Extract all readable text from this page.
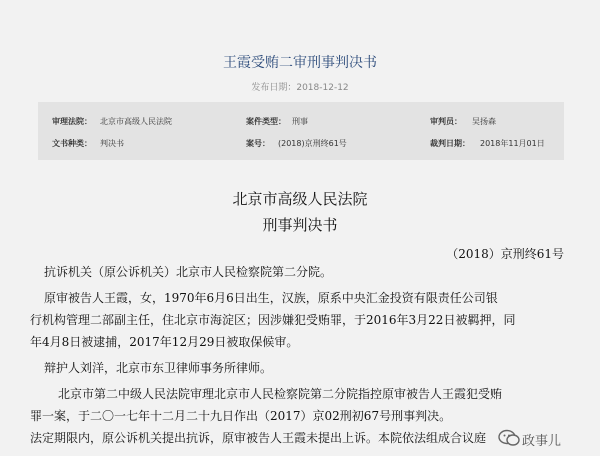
王霞受贿二审刑事判决书
发布日期：2018-12-12
审理法院： 北京市高级人民法院	案件类型： 刑事	审判员： 吴扬森
文书种类： 判决书	案号： (2018)京刑终61号	裁判日期： 2018年11月01日
北京市高级人民法院
刑事判决书
（2018）京刑终61号
抗诉机关（原公诉机关）北京市人民检察院第二分院。
原审被告人王霞，女，1970年6月6日出生，汉族，原系中央汇金投资有限责任公司银
行机构管理二部副主任，住北京市海淀区；因涉嫌犯受贿罪，于2016年3月22日被羁押，同
年4月8日被逮捕，2017年12月29日被取保候审。
辩护人刘洋，北京市东卫律师事务所律师。
北京市第二中级人民法院审理北京市人民检察院第二分院指控原审被告人王霞犯受贿
罪一案，于二〇一七年十二月二十九日作出（2017）京02刑初67号刑事判决。
法定期限内，原公诉机关提出抗诉，原审被告人王霞未提出上诉。本院依法组成合议庭	政事儿
